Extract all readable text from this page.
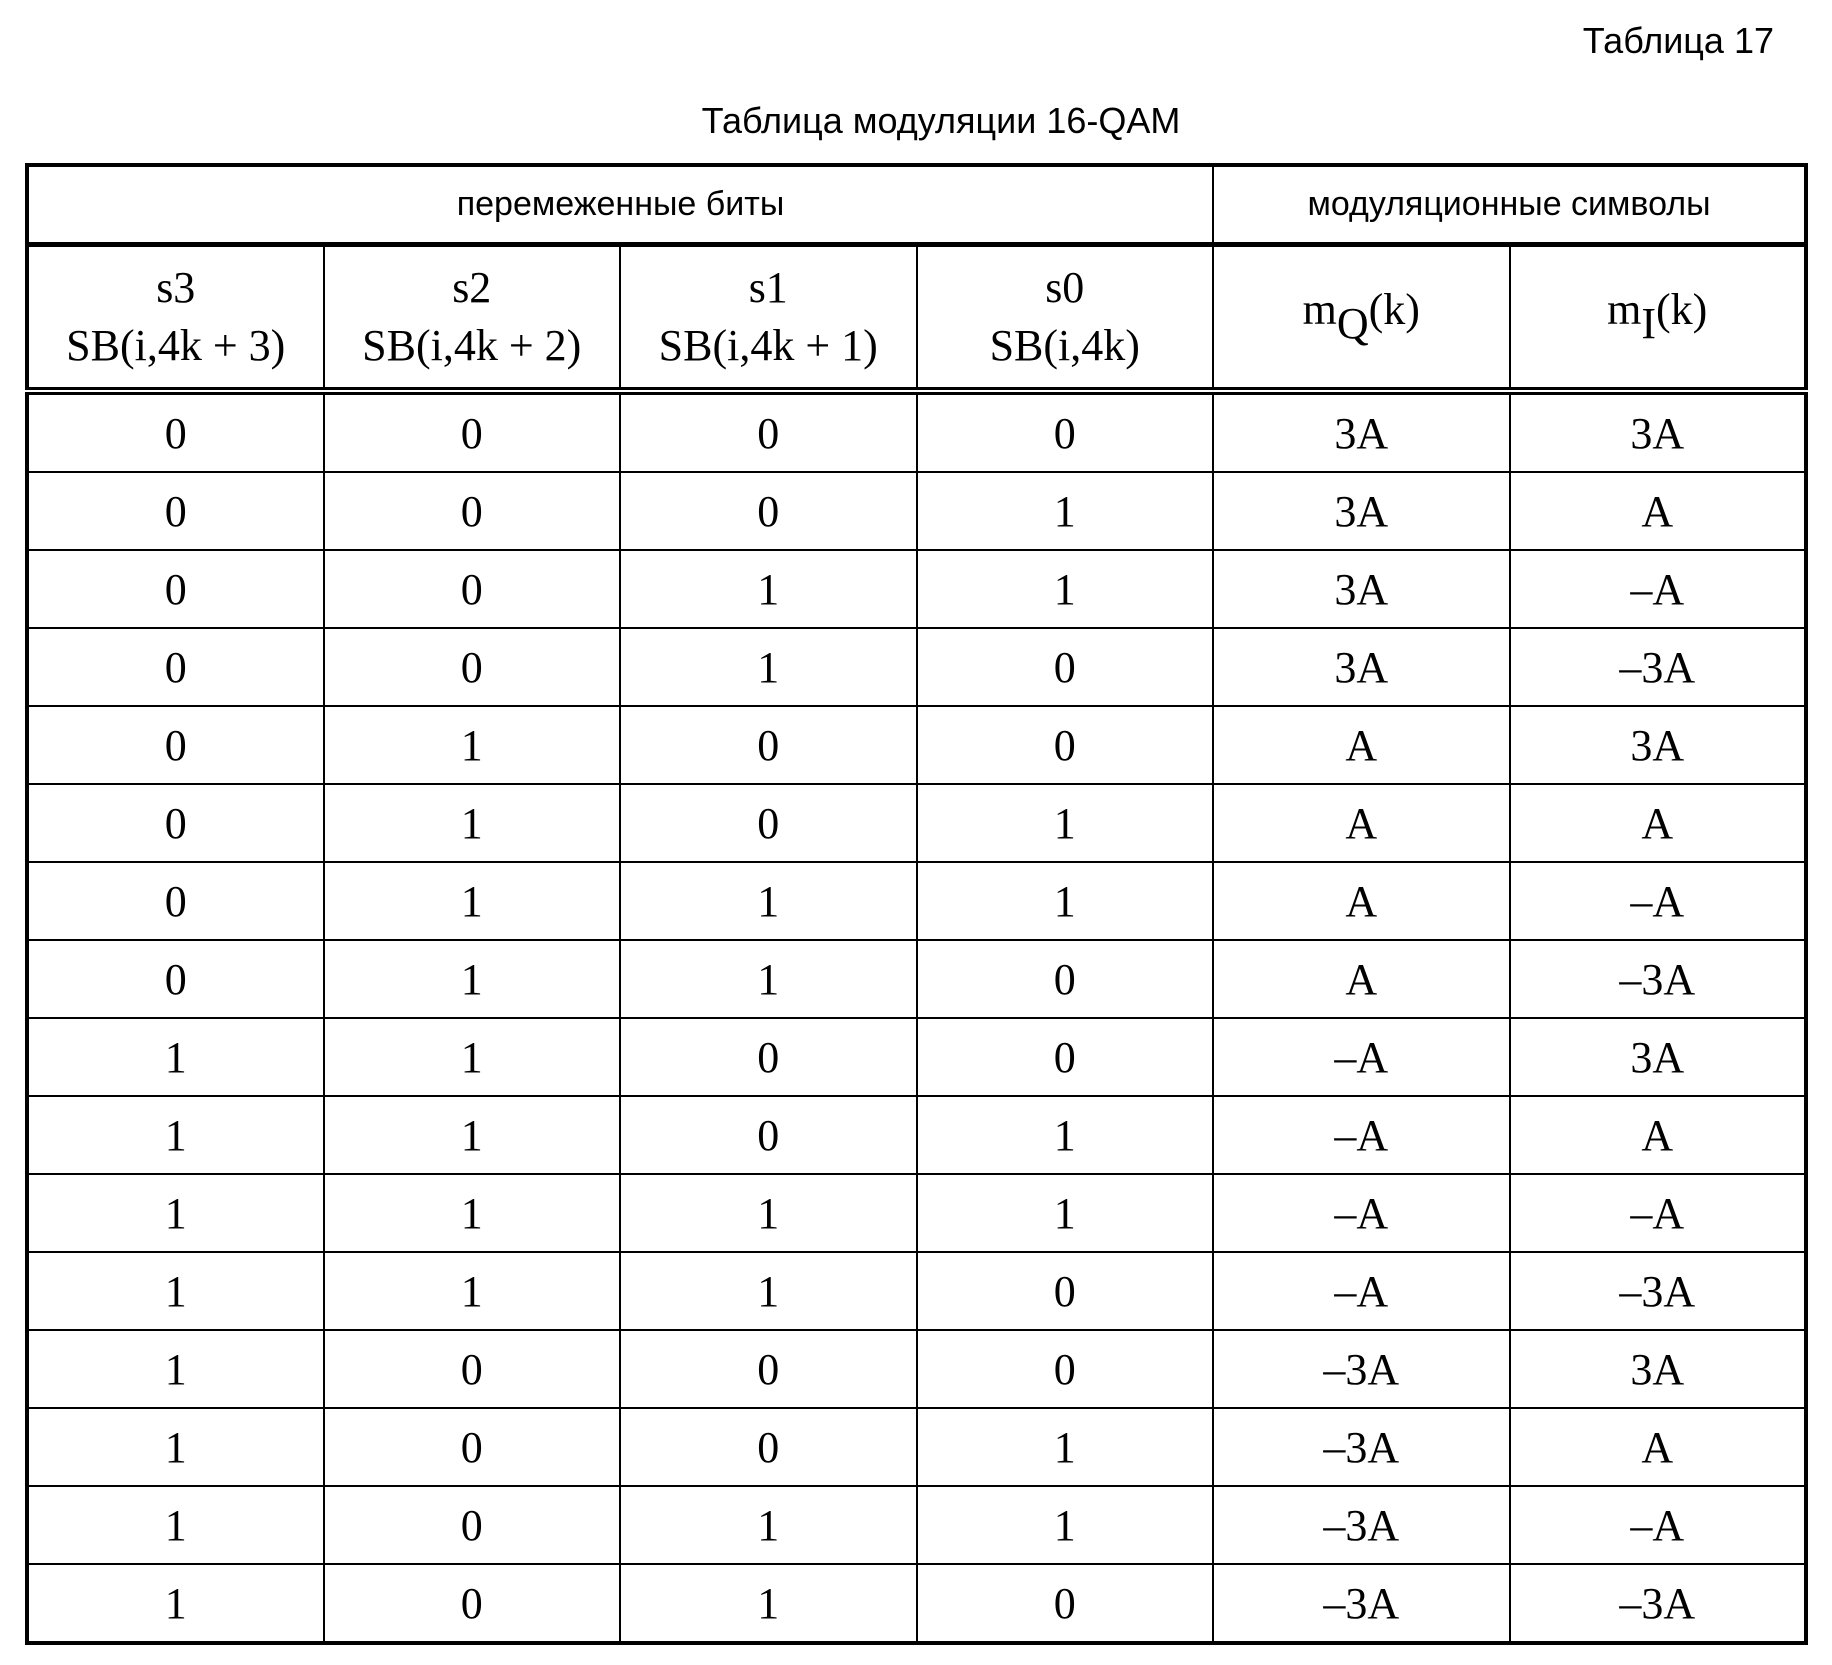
Таблица 17
Таблица модуляции 16-QAM
перемеженные биты	модуляционные символы
s3
SB(i,4k + 3)	s2
SB(i,4k + 2)	s1
SB(i,4k + 1)	s0
SB(i,4k)	mQ(k)	mI(k)
0	0	0	0	3A	3A
0	0	0	1	3A	A
0	0	1	1	3A	–A
0	0	1	0	3A	–3A
0	1	0	0	A	3A
0	1	0	1	A	A
0	1	1	1	A	–A
0	1	1	0	A	–3A
1	1	0	0	–A	3A
1	1	0	1	–A	A
1	1	1	1	–A	–A
1	1	1	0	–A	–3A
1	0	0	0	–3A	3A
1	0	0	1	–3A	A
1	0	1	1	–3A	–A
1	0	1	0	–3A	–3A
